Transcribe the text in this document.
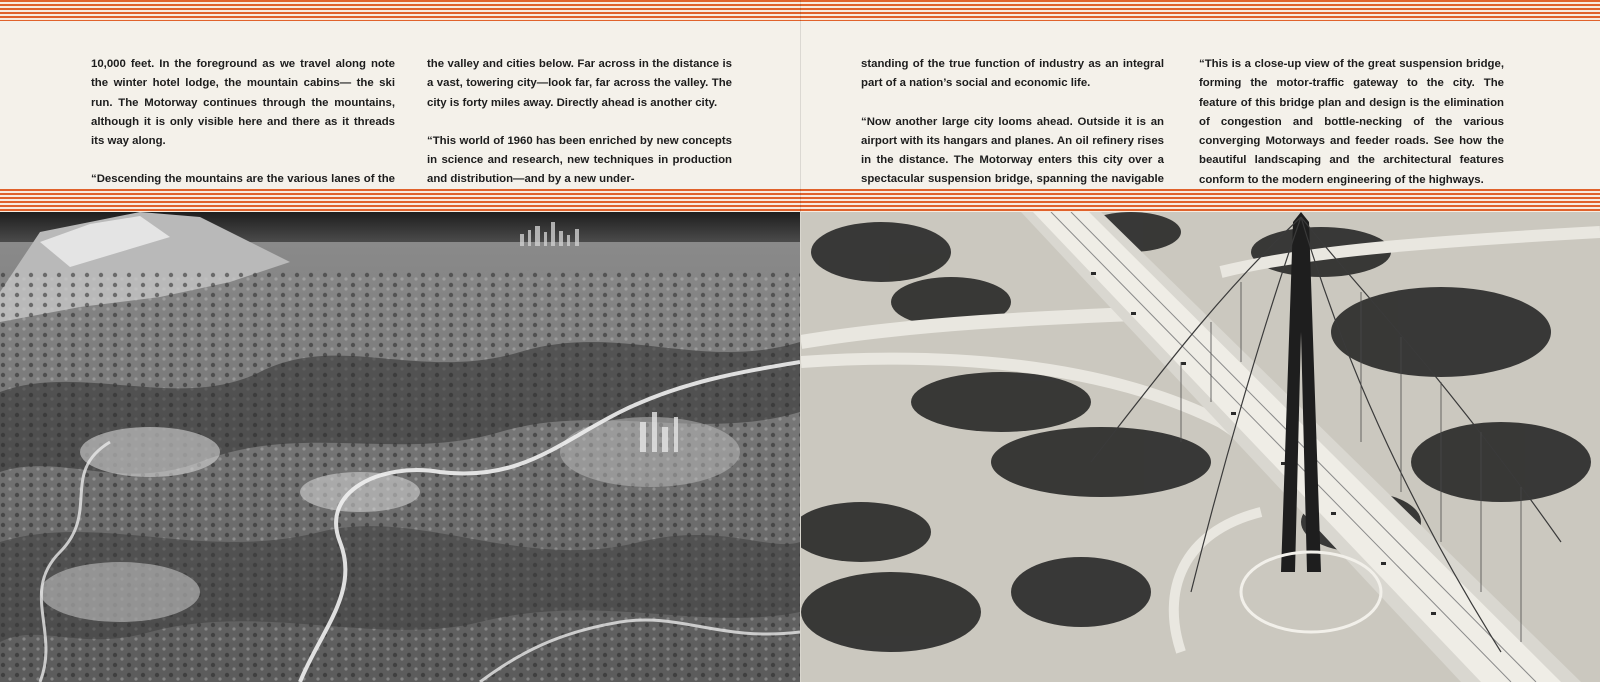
10,000 feet. In the foreground as we travel along note the winter hotel lodge, the mountain cabins— the ski run. The Motorway continues through the mountains, although it is only visible here and there as it threads its way along.

“Descending the mountains are the various lanes of the

the valley and cities below. Far across in the distance is a vast, towering city—look far, far across the valley. The city is forty miles away. Directly ahead is another city.

“This world of 1960 has been enriched by new concepts in science and research, new techniques in production and distribution—and by a new under-

standing of the true function of industry as an integral part of a nation’s social and economic life.

“Now another large city looms ahead. Outside it is an airport with its hangars and planes. An oil refinery rises in the distance. The Motorway enters this city over a spectacular suspension bridge, spanning the navigable

“This is a close-up view of the great suspension bridge, forming the motor-traffic gateway to the city. The feature of this bridge plan and design is the elimination of congestion and bottle-necking of the various converging Motorways and feeder roads. See how the beautiful landscaping and the architectural features conform to the modern engineering of the highways.
